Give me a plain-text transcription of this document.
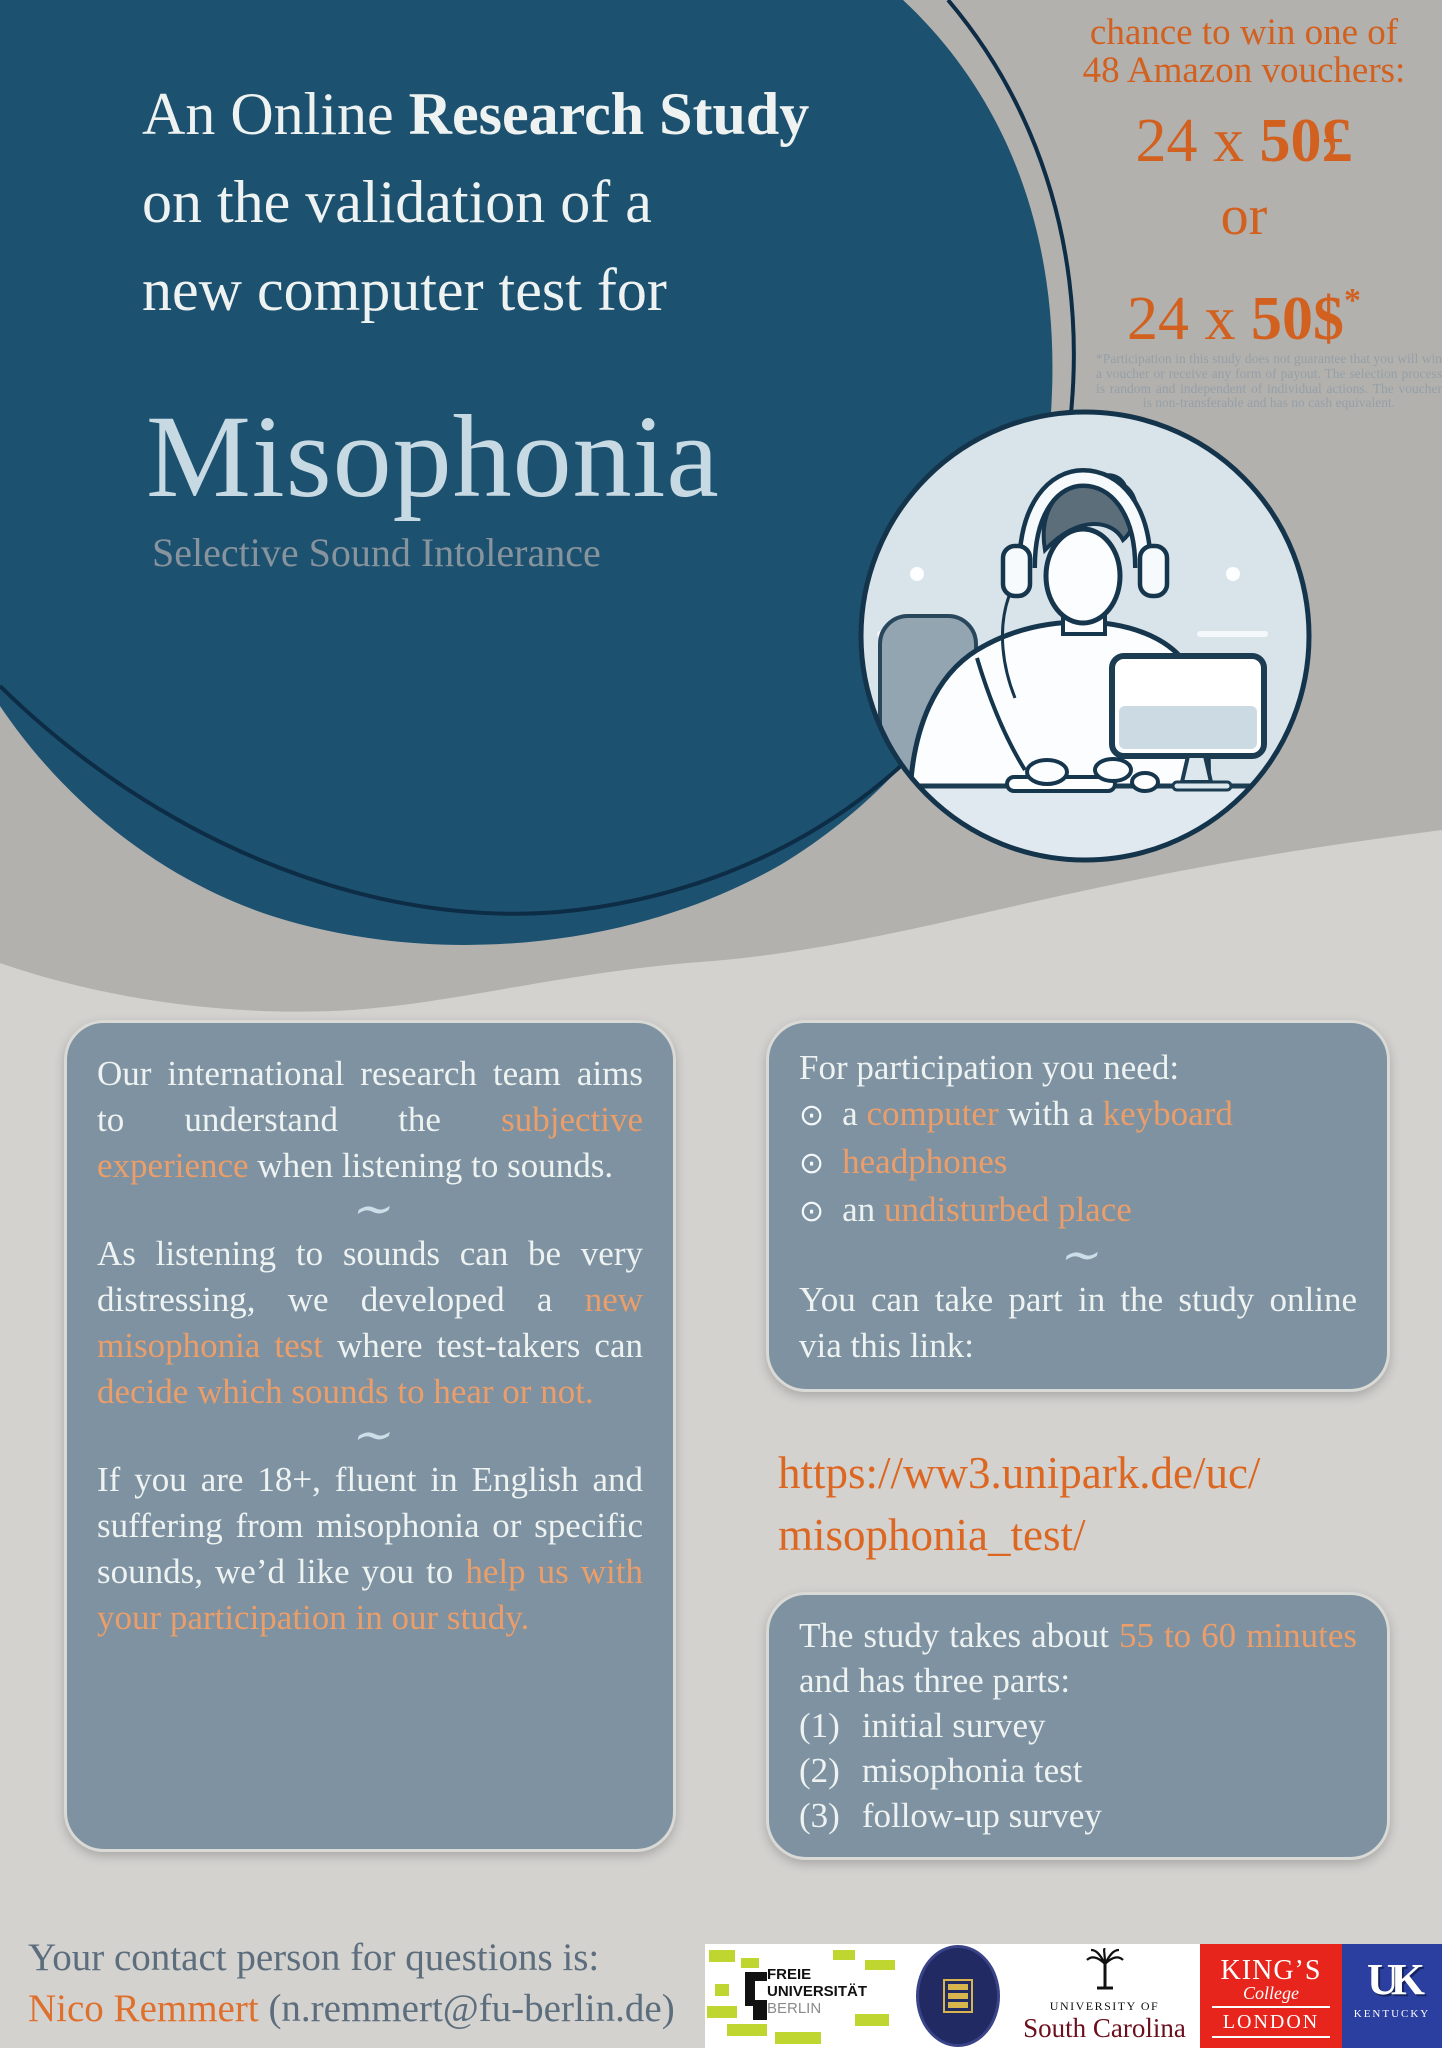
An Online Research Study
on the validation of a
new computer test for
Misophonia
Selective Sound Intolerance
chance to win one of
48 Amazon vouchers:
24 x 50£
or
24 x 50$*
*Participation in this study does not guarantee that you will win a voucher or receive any form of payout. The selection process is random and independent of individual actions. The voucher is non-transferable and has no cash equivalent.

Our international research team aims to understand the subjective experience when listening to sounds.

∼

As listening to sounds can be very distressing, we developed a new misophonia test where test-takers can decide which sounds to hear or not.

∼

If you are 18+, fluent in English and suffering from misophonia or specific sounds, we’d like you to help us with your participation in our study.

For participation you need:

⊙ a computer with a keyboard
⊙ headphones
⊙ an undisturbed place
∼

You can take part in the study online via this link:

https://ww3.unipark.de/uc/
misophonia_test/

The study takes about 55 to 60 minutes and has three parts:

(1) initial survey
(2) misophonia test
(3) follow-up survey
Your contact person for questions is:
Nico Remmert (n.remmert@fu-berlin.de)
FREIE
UNIVERSITÄT
BERLIN	UNIVERSITY OF
South Carolina
KING’S
College
LONDON
UK
KENTUCKY
